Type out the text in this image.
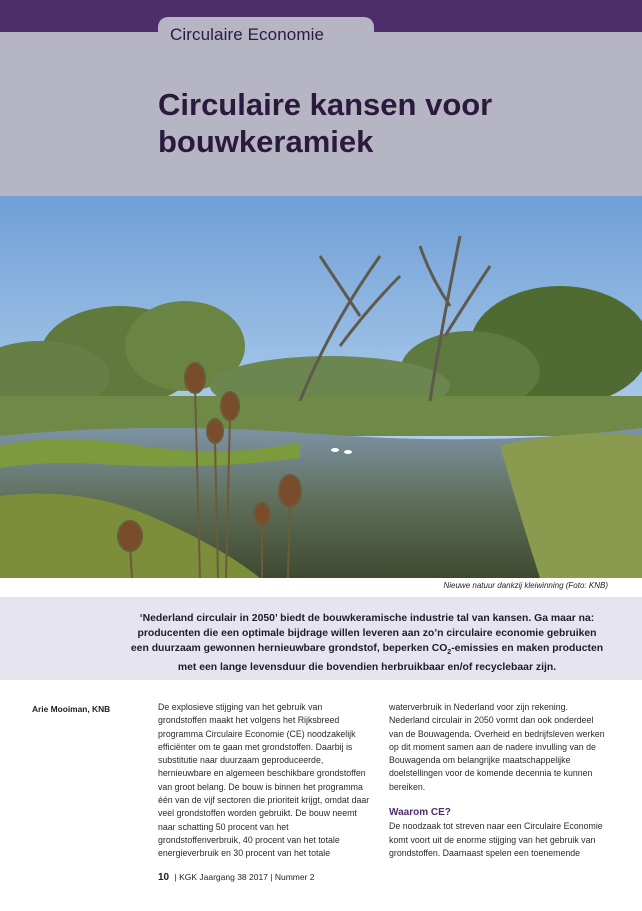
Circulaire Economie
Circulaire kansen voor
bouwkeramiek
Nieuwe natuur dankzij kleiwinning (Foto: KNB)

‘Nederland circulair in 2050’ biedt de bouwkeramische industrie tal van kansen. Ga maar na: producenten die een optimale bijdrage willen leveren aan zo’n circulaire economie gebruiken een duurzaam gewonnen hernieuwbare grondstof, beperken $CO_2$-emissies en maken producten met een lange levensduur die bovendien herbruikbaar en/of recyclebaar zijn.

Arie Mooiman, KNB	De explosieve stijging van het gebruik van grondstoffen maakt het volgens het Rijksbreed programma Circulaire Economie (CE) noodzakelijk efficiënter om te gaan met grondstoffen. Daarbij is substitutie naar duurzaam geproduceerde, hernieuwbare en algemeen beschikbare grondstoffen van groot belang. De bouw is binnen het programma één van de vijf sectoren die prioriteit krijgt, omdat daar veel grondstoffen worden gebruikt. De bouw neemt naar schatting 50 procent van het grondstoffenverbruik, 40 procent van het totale energieverbruik en 30 procent van het totale

waterverbruik in Nederland voor zijn rekening. Nederland circulair in 2050 vormt dan ook onderdeel van de Bouwagenda. Overheid en bedrijfsleven werken op dit moment samen aan de nadere invulling van de Bouwagenda om belangrijke maatschappelijke doelstellingen voor de komende decennia te kunnen bereiken.

Waarom CE?

De noodzaak tot streven naar een Circulaire Economie komt voort uit de enorme stijging van het gebruik van grondstoffen. Daarnaast spelen een toenemende

10 | KGK Jaargang 38 2017 | Nummer 2
